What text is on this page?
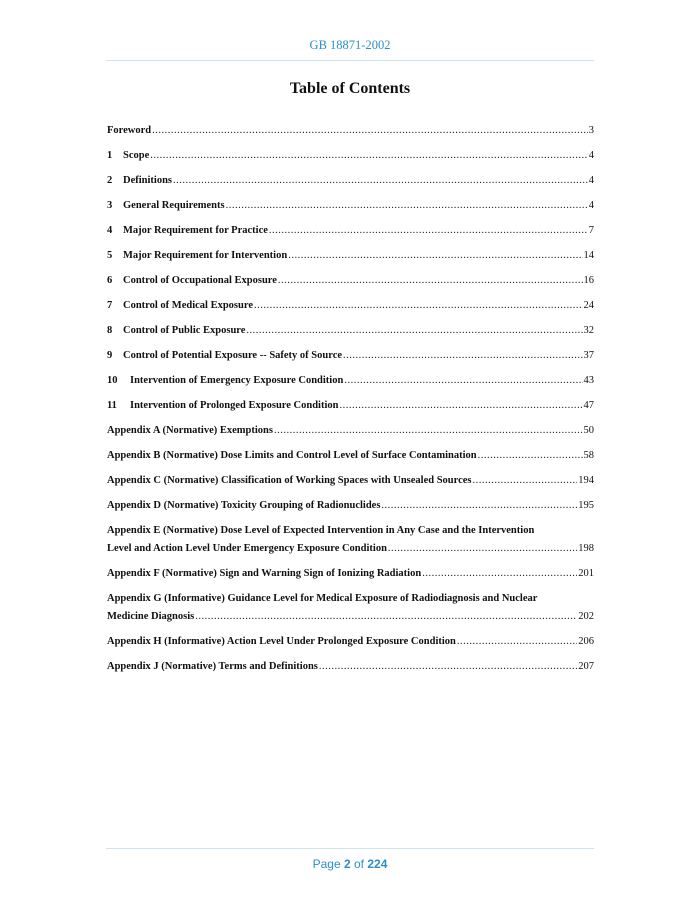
GB 18871-2002
Table of Contents
Foreword .....	3
1	Scope .....	4
2	Definitions .....	4
3	General Requirements .....	4
4	Major Requirement for Practice .....	7
5	Major Requirement for Intervention .....	14
6	Control of Occupational Exposure .....	16
7	Control of Medical Exposure .....	24
8	Control of Public Exposure .....	32
9	Control of Potential Exposure -- Safety of Source .....	37
10	Intervention of Emergency Exposure Condition .....	43
11	Intervention of Prolonged Exposure Condition .....	47
Appendix A (Normative) Exemptions .....	50
Appendix B (Normative) Dose Limits and Control Level of Surface Contamination .....	58
Appendix C (Normative) Classification of Working Spaces with Unsealed Sources .....	194
Appendix D (Normative) Toxicity Grouping of Radionuclides .....	195
Appendix E (Normative) Dose Level of Expected Intervention in Any Case and the Intervention
Level and Action Level Under Emergency Exposure Condition .....	198
Appendix F (Normative) Sign and Warning Sign of Ionizing Radiation .....	201
Appendix G (Informative) Guidance Level for Medical Exposure of Radiodiagnosis and Nuclear
Medicine Diagnosis .....	202
Appendix H (Informative) Action Level Under Prolonged Exposure Condition .....	206
Appendix J (Normative) Terms and Definitions .....	207
Page 2 of 224
